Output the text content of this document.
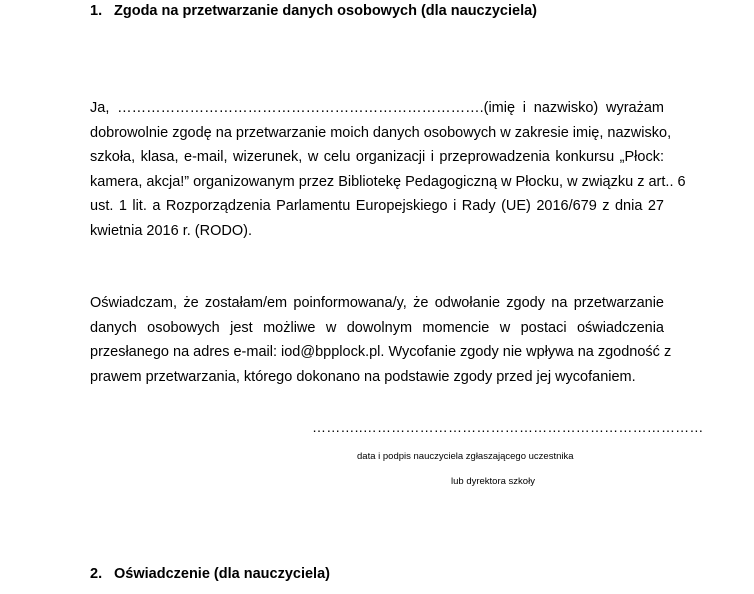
1. Zgoda na przetwarzanie danych osobowych (dla nauczyciela)

Ja, ………………………………………………………………….(imię i nazwisko) wyrażam
dobrowolnie zgodę na przetwarzanie moich danych osobowych w zakresie imię, nazwisko,
szkoła, klasa, e-mail, wizerunek, w celu organizacji i przeprowadzenia konkursu „Płock:
kamera, akcja!” organizowanym przez Bibliotekę Pedagogiczną w Płocku, w związku z art.. 6
ust. 1 lit. a Rozporządzenia Parlamentu Europejskiego i Rady (UE) 2016/679 z dnia 27
kwietnia 2016 r. (RODO).

Oświadczam, że zostałam/em poinformowana/y, że odwołanie zgody na przetwarzanie
danych osobowych jest możliwe w dowolnym momencie w postaci oświadczenia
przesłanego na adres e-mail: iod@bpplock.pl. Wycofanie zgody nie wpływa na zgodność z
prawem przetwarzania, którego dokonano na podstawie zgody przed jej wycofaniem.

………..………………………………………………………………
data i podpis nauczyciela zgłaszającego uczestnika
lub dyrektora szkoły
2. Oświadczenie (dla nauczyciela)
